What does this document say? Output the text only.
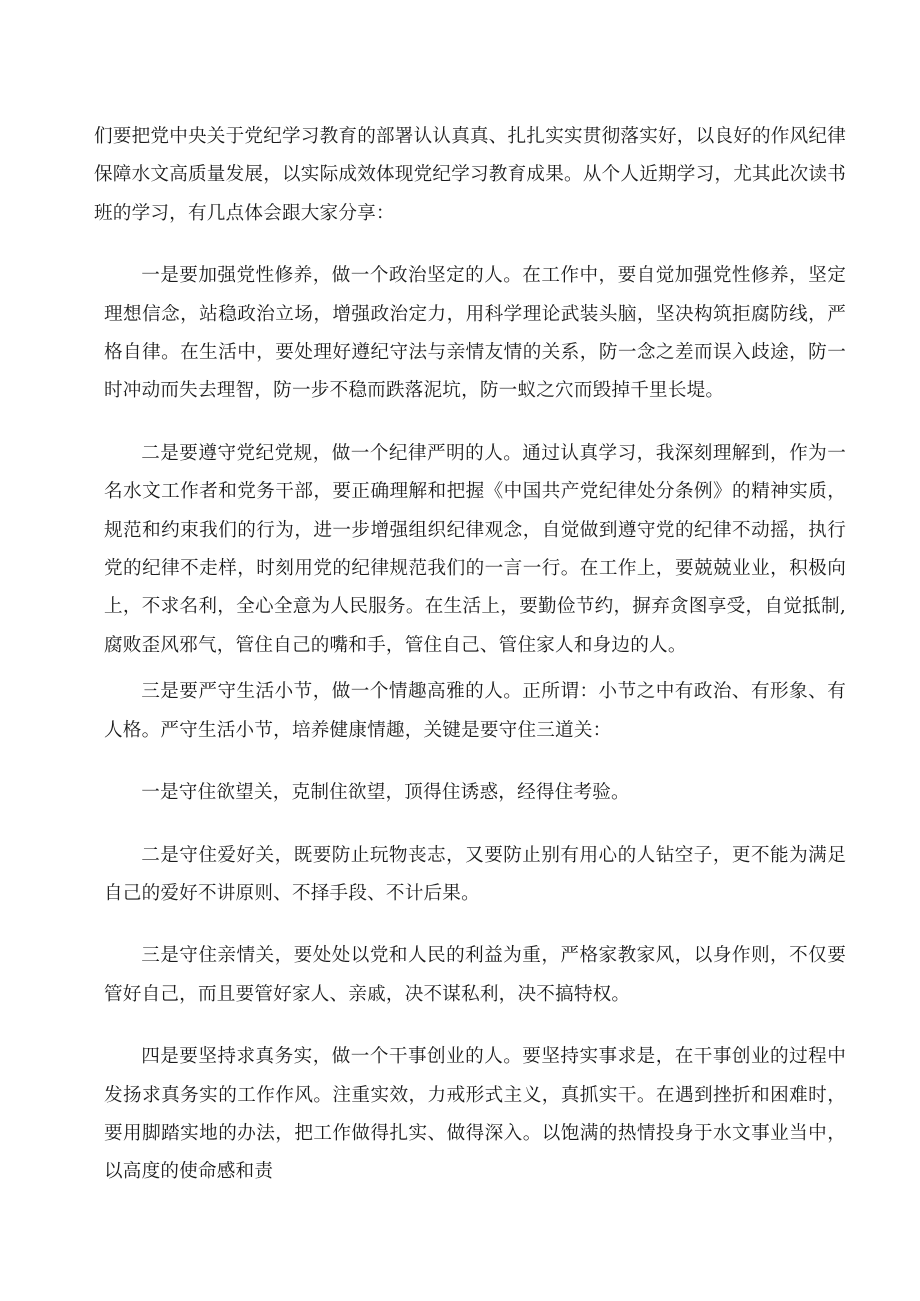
们要把党中央关于党纪学习教育的部署认认真真、扎扎实实贯彻落实好，以良好的作风纪律保障水文高质量发展，以实际成效体现党纪学习教育成果。从个人近期学习，尤其此次读书班的学习，有几点体会跟大家分享：

一是要加强党性修养，做一个政治坚定的人。在工作中，要自觉加强党性修养，坚定理想信念，站稳政治立场，增强政治定力，用科学理论武装头脑，坚决构筑拒腐防线，严格自律。在生活中，要处理好遵纪守法与亲情友情的关系，防一念之差而误入歧途，防一时冲动而失去理智，防一步不稳而跌落泥坑，防一蚁之穴而毁掉千里长堤。

二是要遵守党纪党规，做一个纪律严明的人。通过认真学习，我深刻理解到，作为一名水文工作者和党务干部，要正确理解和把握《中国共产党纪律处分条例》的精神实质，规范和约束我们的行为，进一步增强组织纪律观念，自觉做到遵守党的纪律不动摇，执行党的纪律不走样，时刻用党的纪律规范我们的一言一行。在工作上，要兢兢业业，积极向上，不求名利，全心全意为人民服务。在生活上，要勤俭节约，摒弃贪图享受，自觉抵制,腐败歪风邪气，管住自己的嘴和手，管住自己、管住家人和身边的人。

三是要严守生活小节，做一个情趣高雅的人。正所谓：小节之中有政治、有形象、有人格。严守生活小节，培养健康情趣，关键是要守住三道关：

一是守住欲望关，克制住欲望，顶得住诱惑，经得住考验。

二是守住爱好关，既要防止玩物丧志，又要防止别有用心的人钻空子，更不能为满足自己的爱好不讲原则、不择手段、不计后果。

三是守住亲情关，要处处以党和人民的利益为重，严格家教家风，以身作则，不仅要管好自己，而且要管好家人、亲戚，决不谋私利，决不搞特权。

四是要坚持求真务实，做一个干事创业的人。要坚持实事求是，在干事创业的过程中发扬求真务实的工作作风。注重实效，力戒形式主义，真抓实干。在遇到挫折和困难时，要用脚踏实地的办法，把工作做得扎实、做得深入。以饱满的热情投身于水文事业当中，以高度的使命感和责
